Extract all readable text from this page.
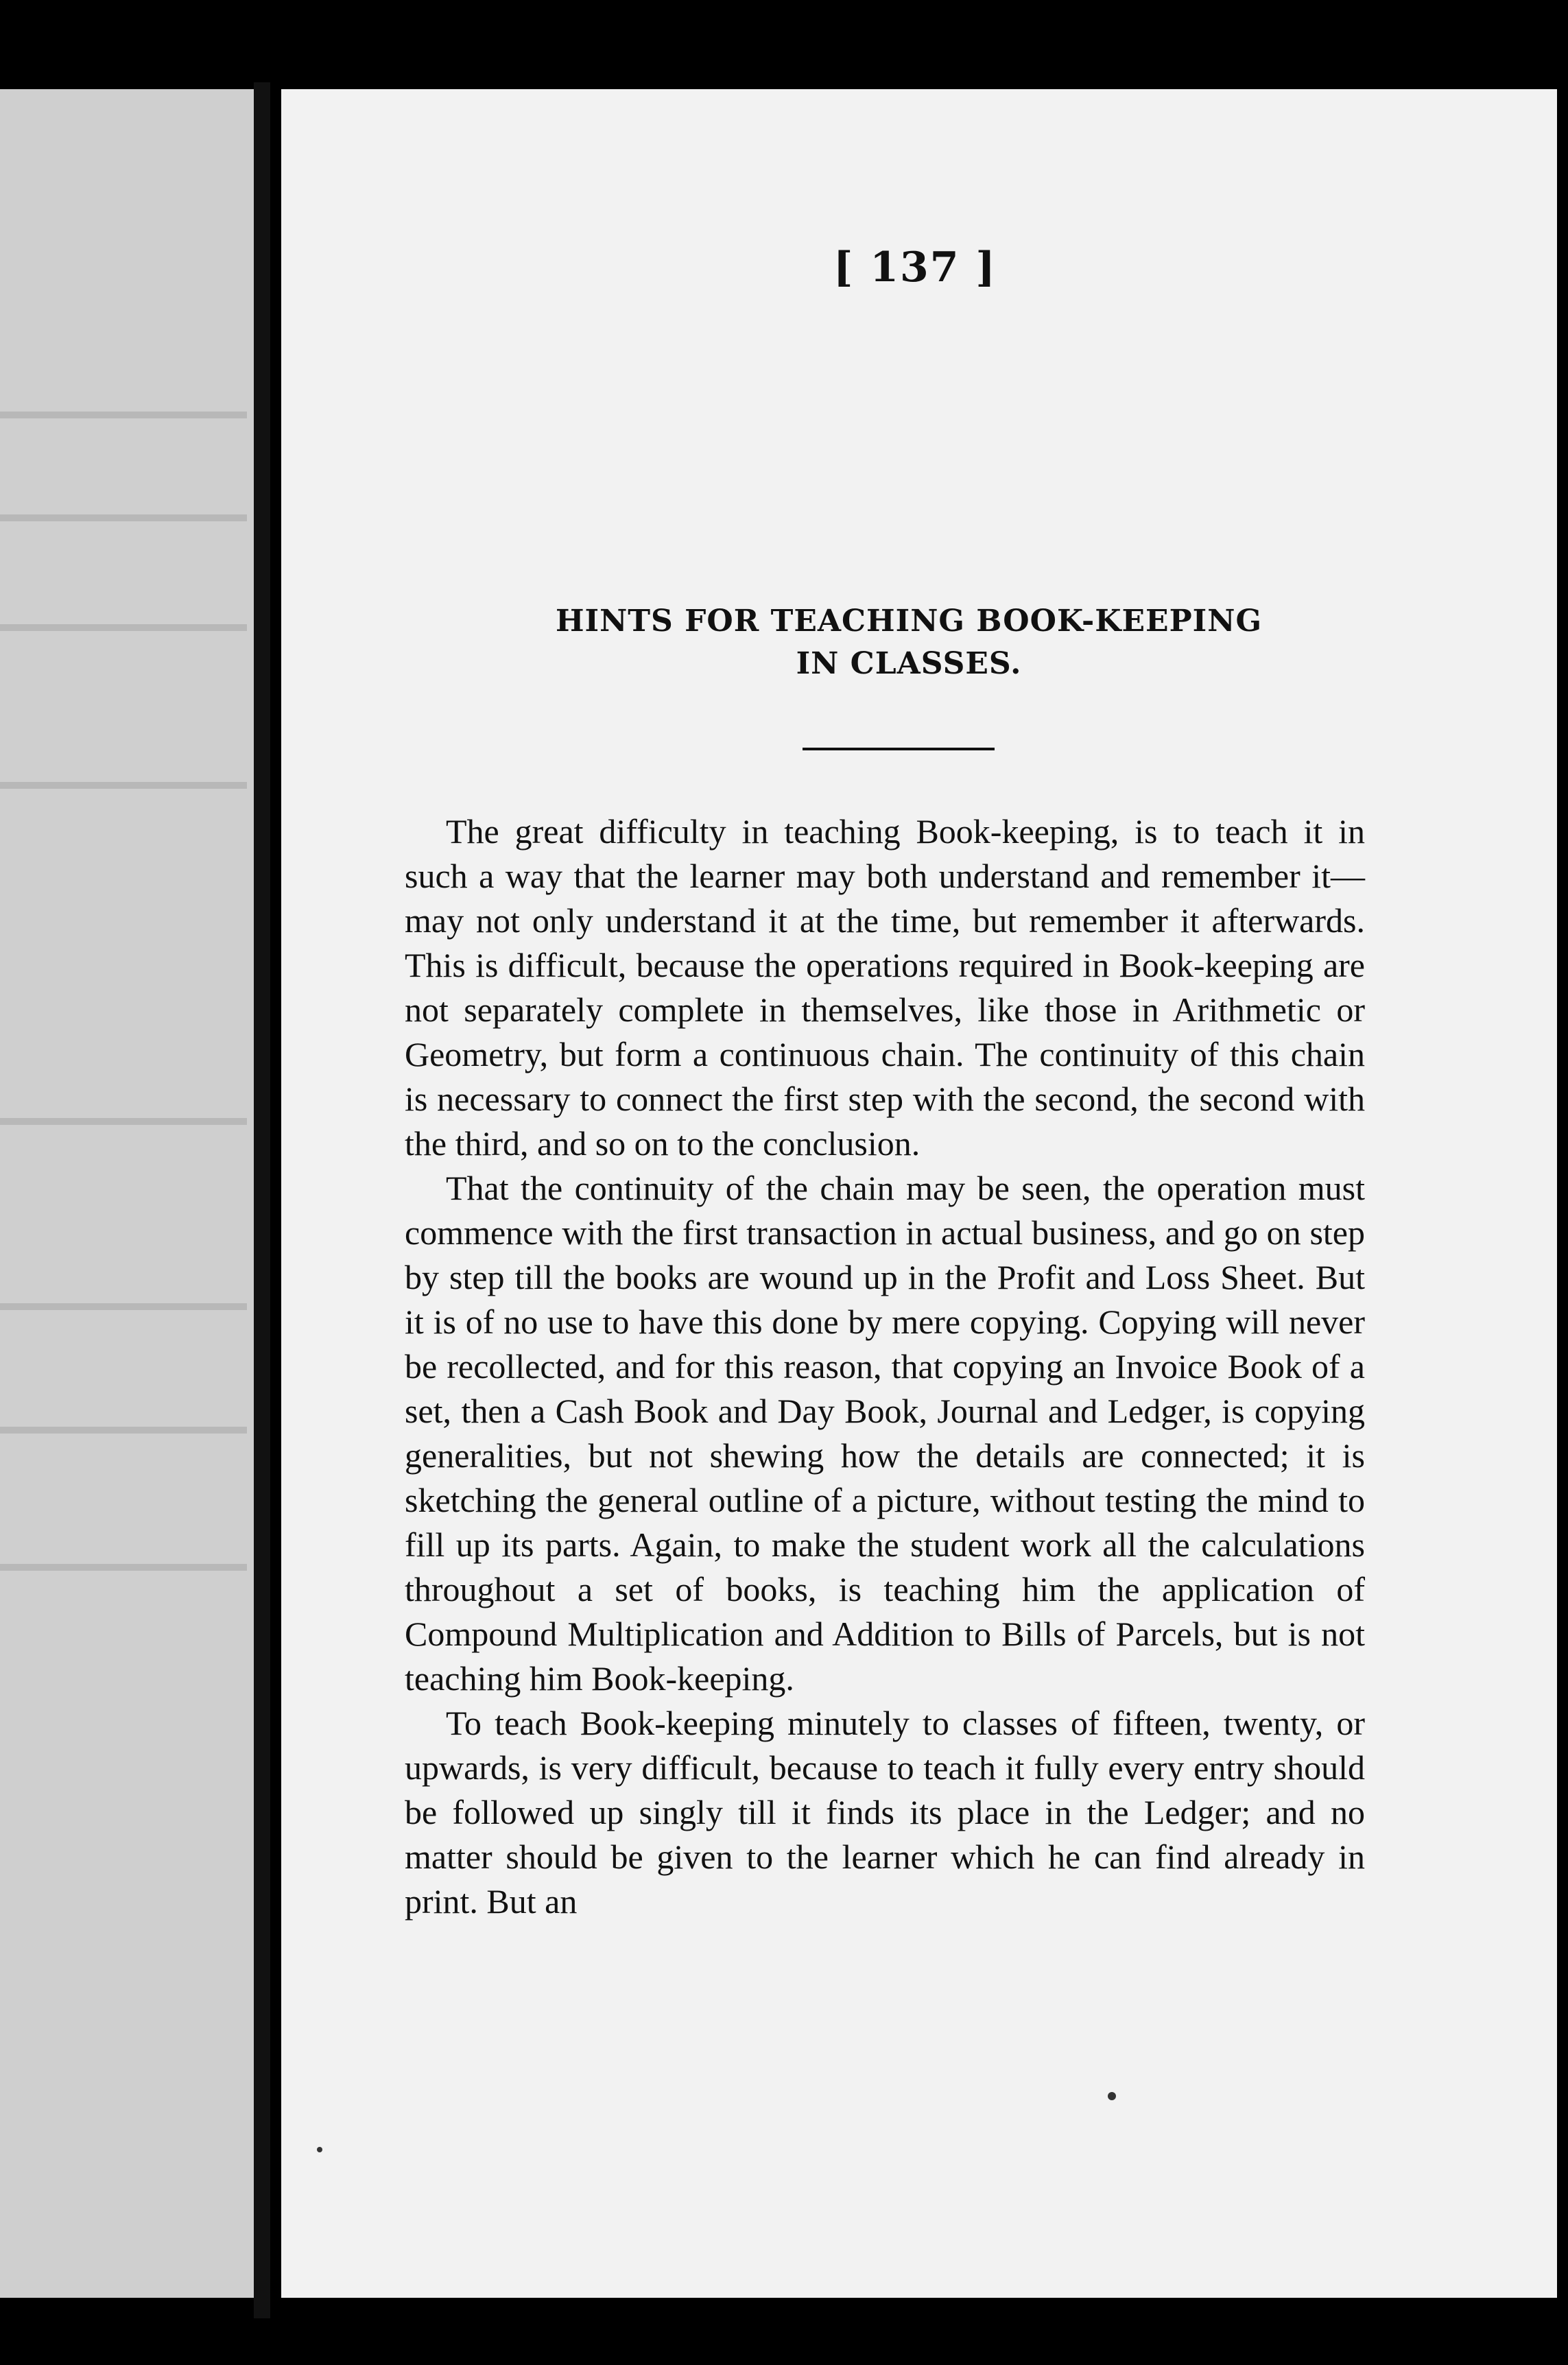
[ 137 ]
HINTS FOR TEACHING BOOK-KEEPING
IN CLASSES.

The great difficulty in teaching Book-keeping, is to teach it in such a way that the learner may both understand and remember it—may not only understand it at the time, but remember it afterwards. This is difficult, because the operations required in Book-keeping are not separately complete in themselves, like those in Arithmetic or Geometry, but form a continuous chain. The continuity of this chain is necessary to connect the first step with the second, the second with the third, and so on to the conclusion.

That the continuity of the chain may be seen, the operation must commence with the first transaction in actual business, and go on step by step till the books are wound up in the Profit and Loss Sheet. But it is of no use to have this done by mere copying. Copying will never be recollected, and for this reason, that copying an Invoice Book of a set, then a Cash Book and Day Book, Journal and Ledger, is copying generalities, but not shewing how the details are connected; it is sketching the general outline of a picture, without testing the mind to fill up its parts. Again, to make the student work all the calculations throughout a set of books, is teaching him the application of Compound Multiplication and Addition to Bills of Parcels, but is not teaching him Book-keeping.

To teach Book-keeping minutely to classes of fifteen, twenty, or upwards, is very difficult, because to teach it fully every entry should be followed up singly till it finds its place in the Ledger; and no matter should be given to the learner which he can find already in print. But an
